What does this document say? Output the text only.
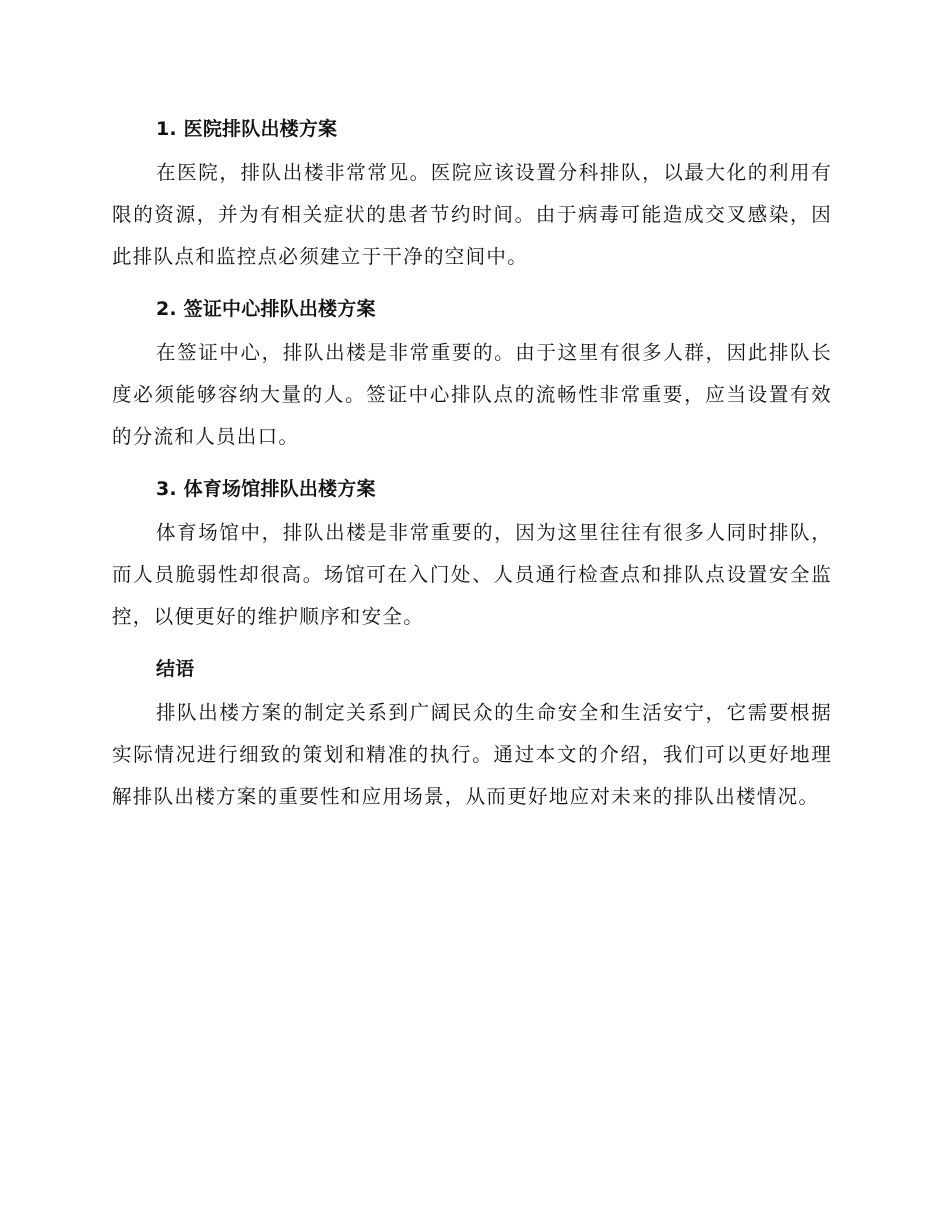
1. 医院排队出楼方案

在医院，排队出楼非常常见。医院应该设置分科排队，以最大化的利用有限的资源，并为有相关症状的患者节约时间。由于病毒可能造成交叉感染，因此排队点和监控点必须建立于干净的空间中。

2. 签证中心排队出楼方案

在签证中心，排队出楼是非常重要的。由于这里有很多人群，因此排队长度必须能够容纳大量的人。签证中心排队点的流畅性非常重要，应当设置有效的分流和人员出口。

3. 体育场馆排队出楼方案

体育场馆中，排队出楼是非常重要的，因为这里往往有很多人同时排队，而人员脆弱性却很高。场馆可在入门处、人员通行检查点和排队点设置安全监控，以便更好的维护顺序和安全。

结语

排队出楼方案的制定关系到广阔民众的生命安全和生活安宁，它需要根据实际情况进行细致的策划和精准的执行。通过本文的介绍，我们可以更好地理解排队出楼方案的重要性和应用场景，从而更好地应对未来的排队出楼情况。
